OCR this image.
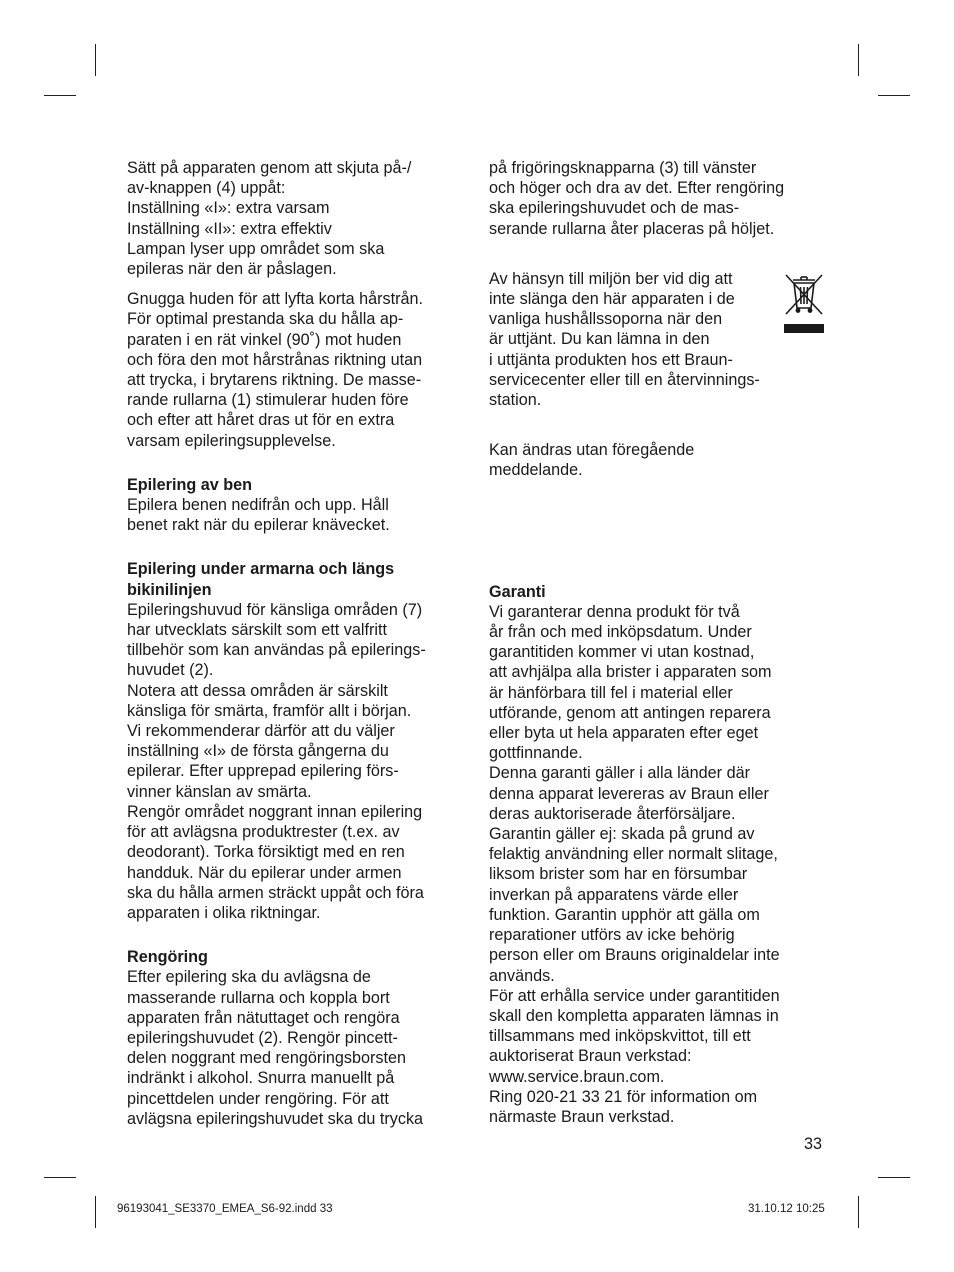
Sätt på apparaten genom att skjuta på-/
av-knappen (4) uppåt:
Inställning «I»: extra varsam
Inställning «II»: extra effektiv
Lampan lyser upp området som ska
epileras när den är påslagen.

Gnugga huden för att lyfta korta hårstrån.
För optimal prestanda ska du hålla ap-
paraten i en rät vinkel (90˚) mot huden
och föra den mot hårstrånas riktning utan
att trycka, i brytarens riktning. De masse-
rande rullarna (1) stimulerar huden före
och efter att håret dras ut för en extra
varsam epileringsupplevelse.

Epilering av ben
Epilera benen nedifrån och upp. Håll
benet rakt när du epilerar knävecket.

Epilering under armarna och längs
bikinilinjen
Epileringshuvud för känsliga områden (7)
har utvecklats särskilt som ett valfritt
tillbehör som kan användas på epilerings-
huvudet (2).
Notera att dessa områden är särskilt
känsliga för smärta, framför allt i början.
Vi rekommenderar därför att du väljer
inställning «I» de första gångerna du
epilerar. Efter upprepad epilering förs-
vinner känslan av smärta.
Rengör området noggrant innan epilering
för att avlägsna produktrester (t.ex. av
deodorant). Torka försiktigt med en ren
handduk. När du epilerar under armen
ska du hålla armen sträckt uppåt och föra
apparaten i olika riktningar.

Rengöring
Efter epilering ska du avlägsna de
masserande rullarna och koppla bort
apparaten från nätuttaget och rengöra
epileringshuvudet (2). Rengör pincett-
delen noggrant med rengöringsborsten
indränkt i alkohol. Snurra manuellt på
pincettdelen under rengöring. För att
avlägsna epileringshuvudet ska du trycka

på frigöringsknapparna (3) till vänster
och höger och dra av det. Efter rengöring
ska epileringshuvudet och de mas-
serande rullarna åter placeras på höljet.

Av hänsyn till miljön ber vid dig att
inte slänga den här apparaten i de
vanliga hushållssoporna när den
är uttjänt. Du kan lämna in den
i uttjänta produkten hos ett Braun-
servicecenter eller till en återvinnings-
station.

Kan ändras utan föregående
meddelande.

Garanti
Vi garanterar denna produkt för två
år från och med inköpsdatum. Under
garantitiden kommer vi utan kostnad,
att avhjälpa alla brister i apparaten som
är hänförbara till fel i material eller
utförande, genom att antingen reparera
eller byta ut hela apparaten efter eget
gottfinnande.
Denna garanti gäller i alla länder där
denna apparat levereras av Braun eller
deras auktoriserade återförsäljare.
Garantin gäller ej: skada på grund av
felaktig användning eller normalt slitage,
liksom brister som har en försumbar
inverkan på apparatens värde eller
funktion. Garantin upphör att gälla om
reparationer utförs av icke behörig
person eller om Brauns originaldelar inte
används.
För att erhålla service under garantitiden
skall den kompletta apparaten lämnas in
tillsammans med inköpskvittot, till ett
auktoriserat Braun verkstad:
www.service.braun.com.
Ring 020-21 33 21 för information om
närmaste Braun verkstad.

33
96193041_SE3370_EMEA_S6-92.indd 33	31.10.12 10:25
